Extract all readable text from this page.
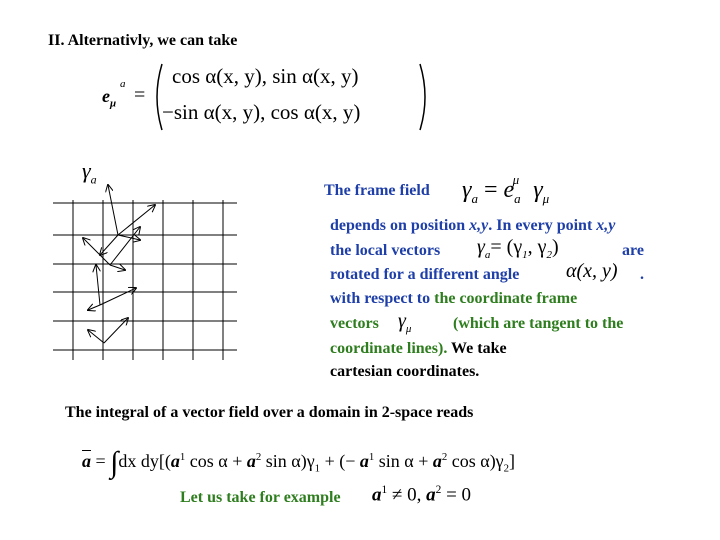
II. Alternativly, we can take
$e_\mu$
a =
cos α(x, y), sin α(x, y)
−sin α(x, y), cos α(x, y)
$\gamma_a$
The frame field $\gamma_a = e_a^\mu$ $\gamma_\mu$
depends on position x,y. In every point x,y
the local vectors $\gamma_a= (\gamma_1$, $\gamma_2$)	are
rotated for a different angle α(x, y) .
with respect to the coordinate frame
vectors $\gamma_\mu$	(which are tangent to the
coordinate lines). We take
cartesian coordinates.
The integral of a vector field over a domain in 2-space reads
$\overline{a} = \int dx$ $dy[(a^1$ $\cos \alpha + a^2$ $\sin \alpha)\gamma_1$ + (− $a^1$ $\sin \alpha + a^2$ $\cos \alpha)\gamma_2$]
Let us take for example $a^1 \ne 0$, $a^2 = 0$
